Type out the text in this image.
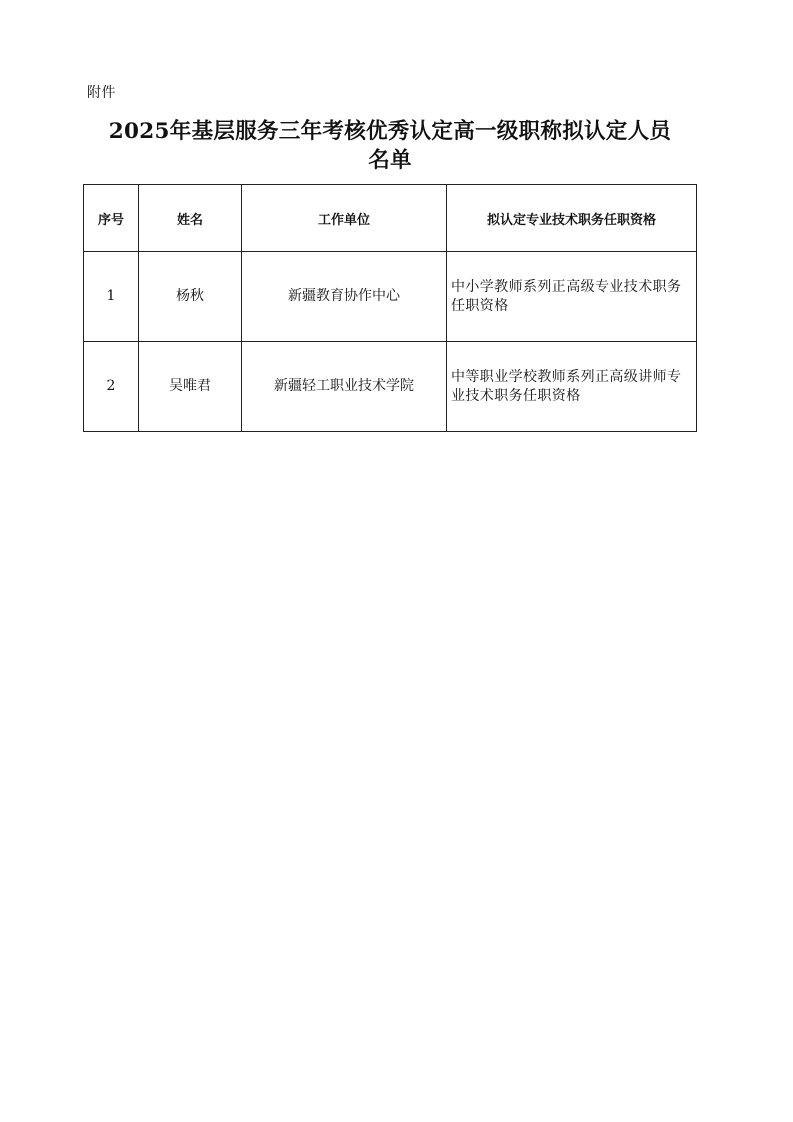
附件
2025年基层服务三年考核优秀认定高一级职称拟认定人员
名单
序号	姓名	工作单位	拟认定专业技术职务任职资格
1	杨秋	新疆教育协作中心	中小学教师系列正高级专业技术职务任职资格
2	吴唯君	新疆轻工职业技术学院	中等职业学校教师系列正高级讲师专业技术职务任职资格
